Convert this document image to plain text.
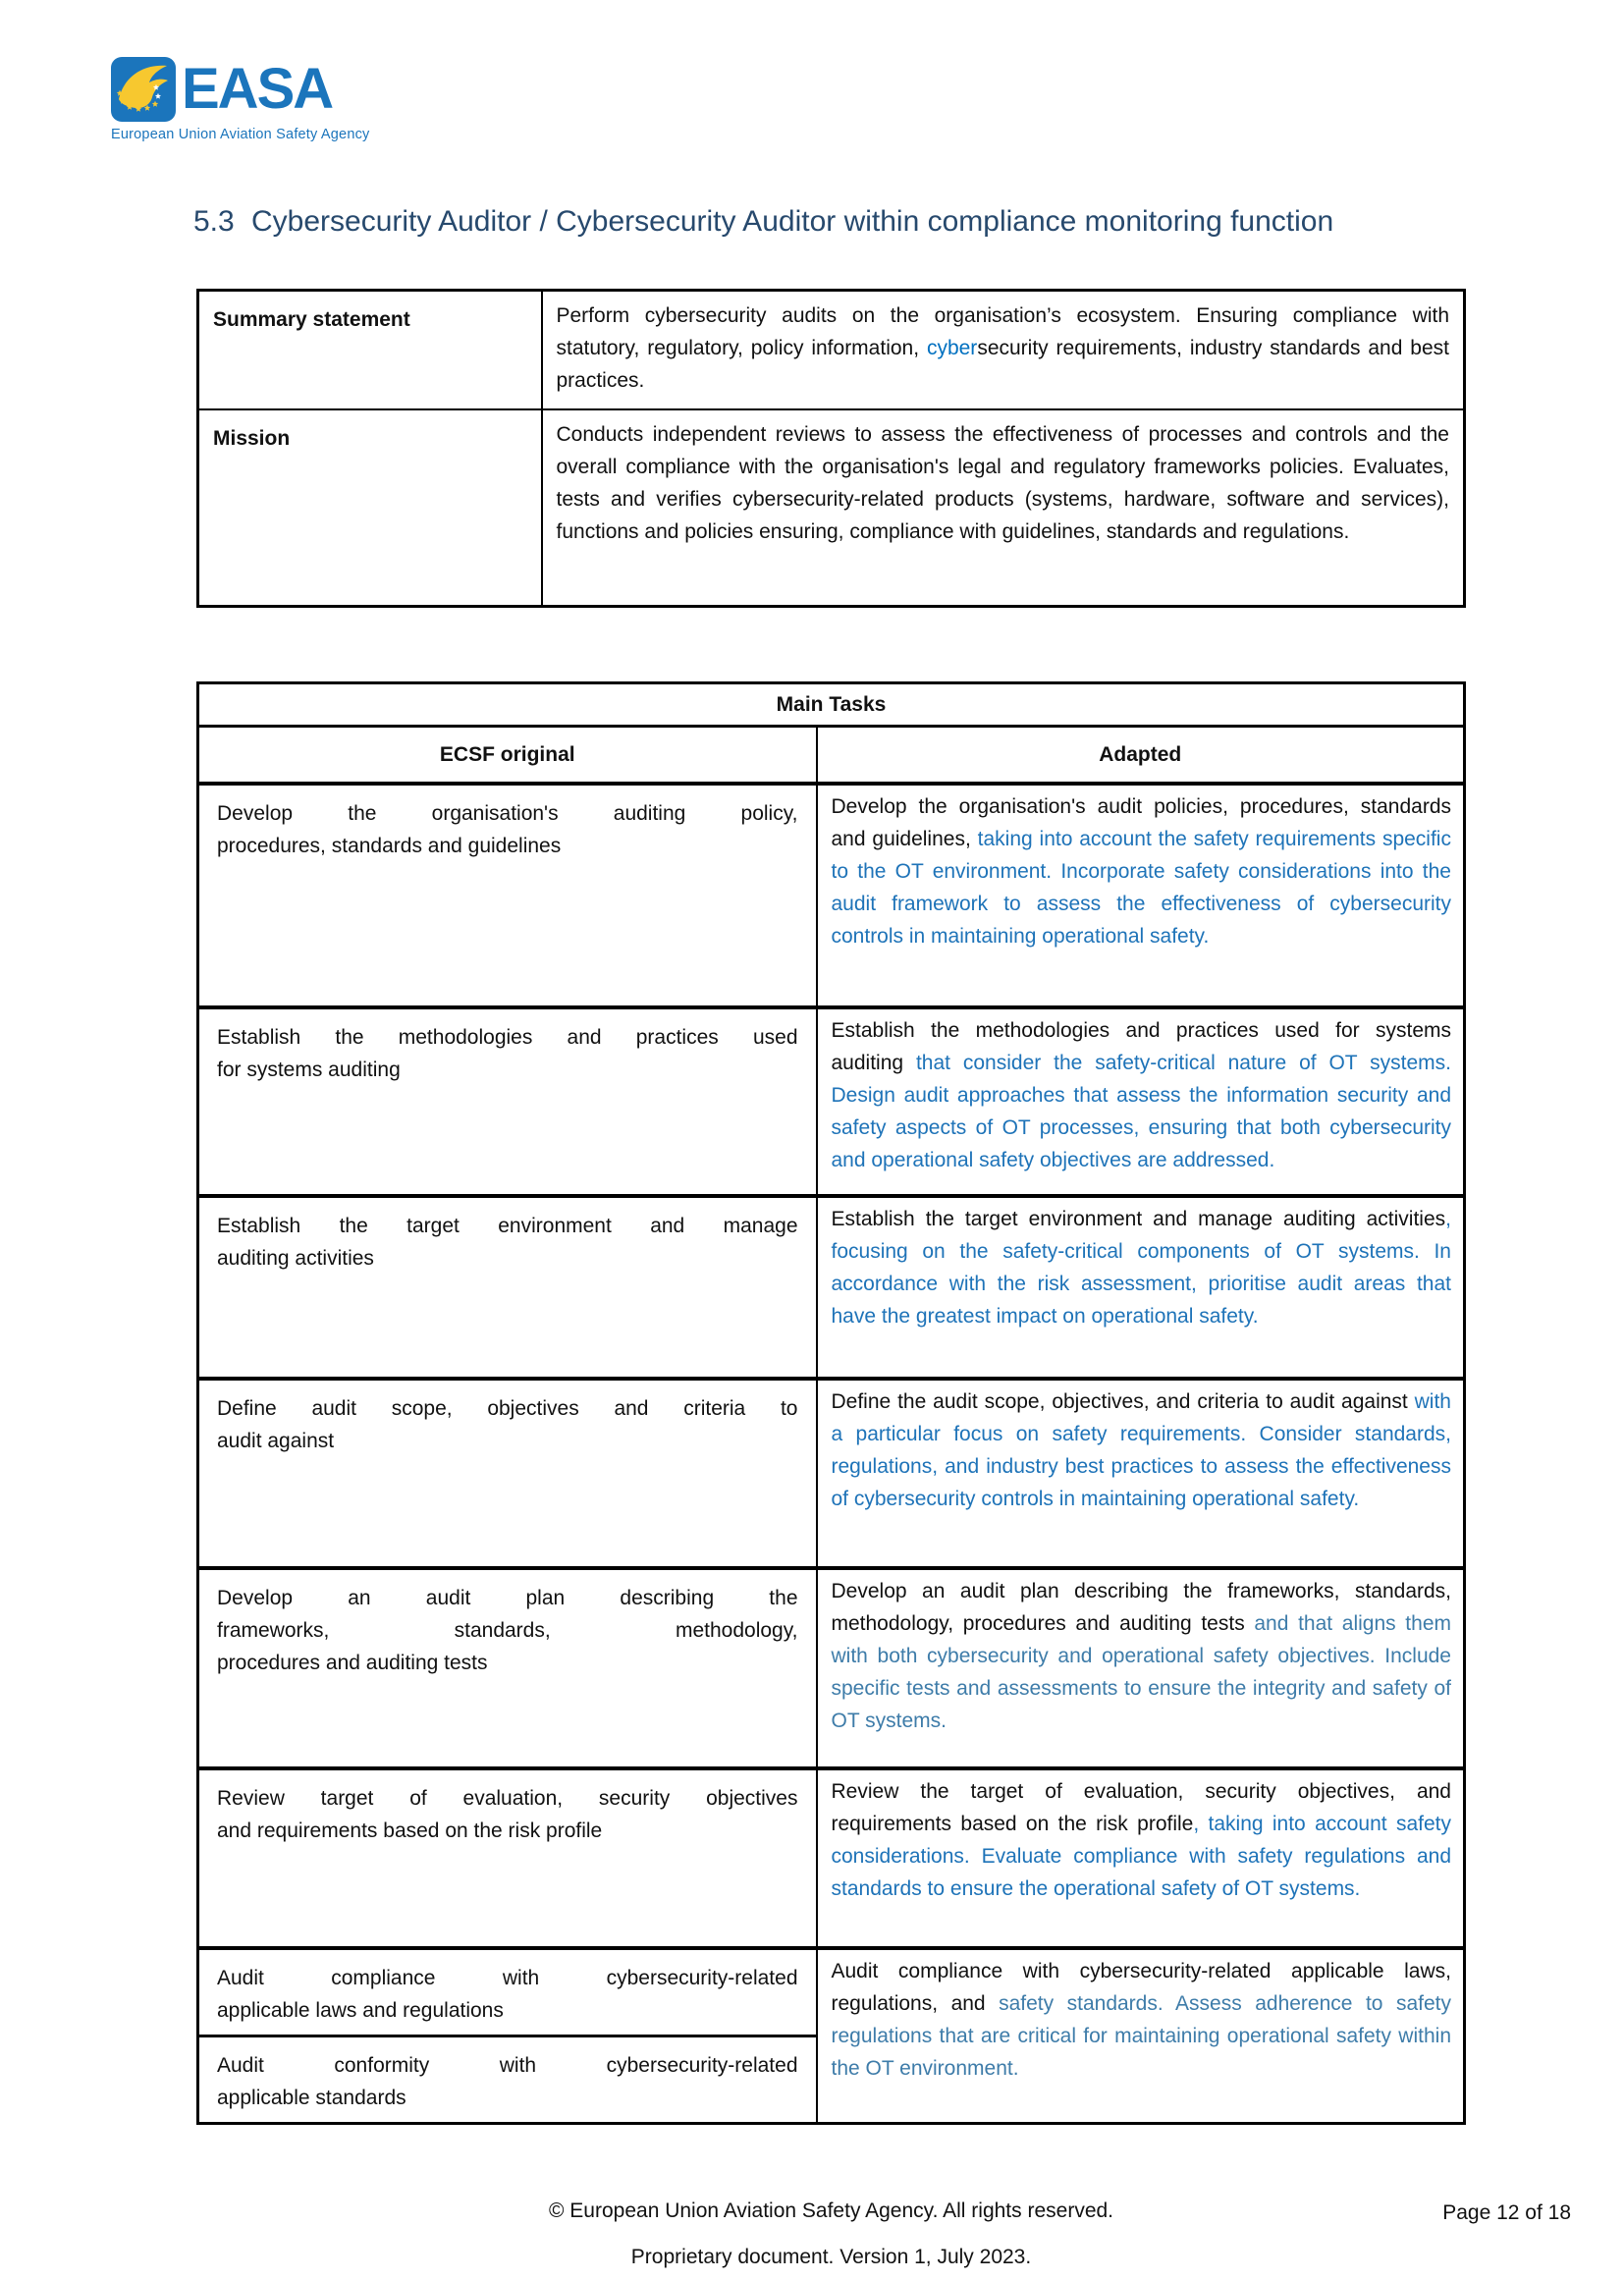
EASA
European Union Aviation Safety Agency
5.3 Cybersecurity Auditor / Cybersecurity Auditor within compliance monitoring function
Summary statement	Perform cybersecurity audits on the organisation’s ecosystem. Ensuring compliance with statutory, regulatory, policy information, cybersecurity requirements, industry standards and best practices.
Mission	Conducts independent reviews to assess the effectiveness of processes and controls and the overall compliance with the organisation's legal and regulatory frameworks policies. Evaluates, tests and verifies cybersecurity-related products (systems, hardware, software and services), functions and policies ensuring, compliance with guidelines, standards and regulations.
Main Tasks	
ECSF original	Adapted

Develop the organisation's auditing policy,
procedures, standards and guidelines	Develop the organisation's audit policies, procedures, standards and guidelines, taking into account the safety requirements specific to the OT environment. Incorporate safety considerations into the audit framework to assess the effectiveness of cybersecurity controls in maintaining operational safety.

Establish the methodologies and practices used
for systems auditing	Establish the methodologies and practices used for systems auditing that consider the safety-critical nature of OT systems. Design audit approaches that assess the information security and safety aspects of OT processes, ensuring that both cybersecurity and operational safety objectives are addressed.

Establish the target environment and manage
auditing activities	Establish the target environment and manage auditing activities, focusing on the safety-critical components of OT systems. In accordance with the risk assessment, prioritise audit areas that have the greatest impact on operational safety.

Define audit scope, objectives and criteria to
audit against	Define the audit scope, objectives, and criteria to audit against with a particular focus on safety requirements. Consider standards, regulations, and industry best practices to assess the effectiveness of cybersecurity controls in maintaining operational safety.

Develop an audit plan describing the
frameworks, standards, methodology,
procedures and auditing tests
	Develop an audit plan describing the frameworks, standards, methodology, procedures and auditing tests and that aligns them with both cybersecurity and operational safety objectives. Include specific tests and assessments to ensure the integrity and safety of OT systems.

Review target of evaluation, security objectives
and requirements based on the risk profile	Review the target of evaluation, security objectives, and requirements based on the risk profile, taking into account safety considerations. Evaluate compliance with safety regulations and standards to ensure the operational safety of OT systems.

Audit compliance with cybersecurity-related
applicable laws and regulations	Audit compliance with cybersecurity-related applicable laws, regulations, and safety standards. Assess adherence to safety regulations that are critical for maintaining operational safety within the OT environment.

Audit conformity with cybersecurity-related
applicable standards	
© European Union Aviation Safety Agency. All rights reserved.
Proprietary document. Version 1, July 2023.
Page 12 of 18
